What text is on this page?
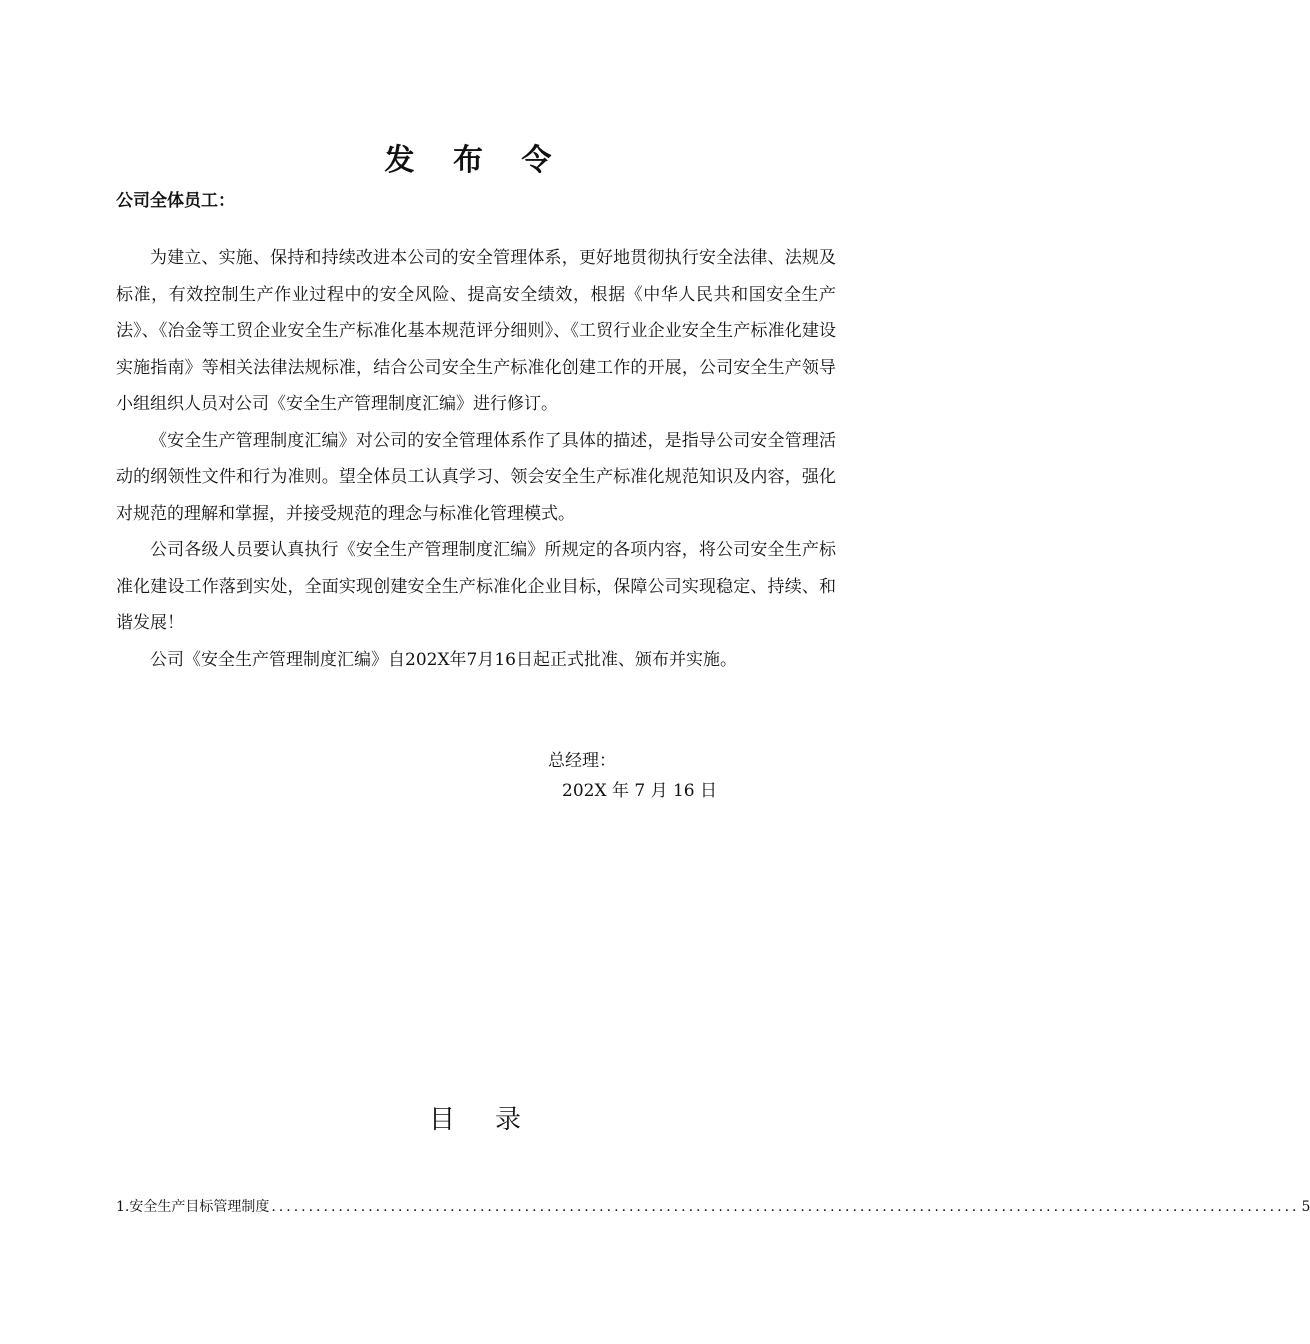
发 布 令
公司全体员工：

为建立、实施、保持和持续改进本公司的安全管理体系，更好地贯彻执行安全法律、法规及标准，有效控制生产作业过程中的安全风险、提高安全绩效，根据《中华人民共和国安全生产法》、《冶金等工贸企业安全生产标准化基本规范评分细则》、《工贸行业企业安全生产标准化建设实施指南》等相关法律法规标准，结合公司安全生产标准化创建工作的开展，公司安全生产领导小组组织人员对公司《安全生产管理制度汇编》进行修订。

《安全生产管理制度汇编》对公司的安全管理体系作了具体的描述，是指导公司安全管理活动的纲领性文件和行为准则。望全体员工认真学习、领会安全生产标准化规范知识及内容，强化对规范的理解和掌握，并接受规范的理念与标准化管理模式。

公司各级人员要认真执行《安全生产管理制度汇编》所规定的各项内容，将公司安全生产标准化建设工作落到实处，全面实现创建安全生产标准化企业目标，保障公司实现稳定、持续、和谐发展！

公司《安全生产管理制度汇编》自202X年7月16日起正式批准、颁布并实施。

总经理：
202X 年 7 月 16 日
目录
1.安全生产目标管理制度 .......................................................................................................................................... 5
